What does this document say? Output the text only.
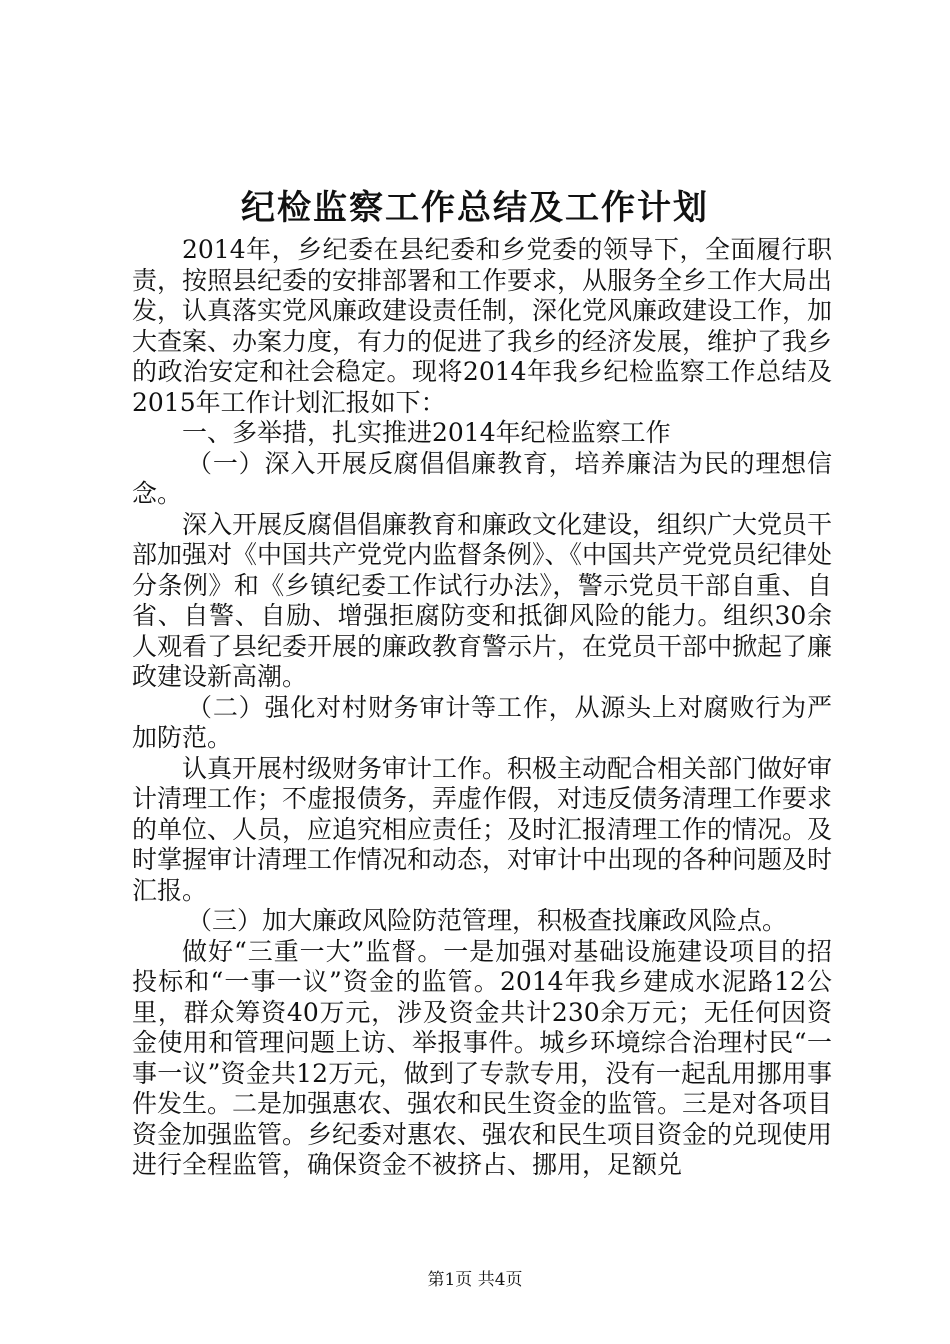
纪检监察工作总结及工作计划

2014年，乡纪委在县纪委和乡党委的领导下，全面履行职责，按照县纪委的安排部署和工作要求，从服务全乡工作大局出发，认真落实党风廉政建设责任制，深化党风廉政建设工作，加大查案、办案力度，有力的促进了我乡的经济发展，维护了我乡的政治安定和社会稳定。现将2014年我乡纪检监察工作总结及2015年工作计划汇报如下：

一、多举措，扎实推进2014年纪检监察工作

（一）深入开展反腐倡倡廉教育，培养廉洁为民的理想信念。

深入开展反腐倡倡廉教育和廉政文化建设，组织广大党员干部加强对《中国共产党党内监督条例》、《中国共产党党员纪律处分条例》和《乡镇纪委工作试行办法》，警示党员干部自重、自省、自警、自励、增强拒腐防变和抵御风险的能力。组织30余人观看了县纪委开展的廉政教育警示片，在党员干部中掀起了廉政建设新高潮。

（二）强化对村财务审计等工作，从源头上对腐败行为严加防范。

认真开展村级财务审计工作。积极主动配合相关部门做好审计清理工作；不虚报债务，弄虚作假，对违反债务清理工作要求的单位、人员，应追究相应责任；及时汇报清理工作的情况。及时掌握审计清理工作情况和动态，对审计中出现的各种问题及时汇报。

（三）加大廉政风险防范管理，积极查找廉政风险点。

做好“三重一大”监督。一是加强对基础设施建设项目的招投标和“一事一议”资金的监管。2014年我乡建成水泥路12公里，群众筹资40万元，涉及资金共计230余万元；无任何因资金使用和管理问题上访、举报事件。城乡环境综合治理村民“一事一议”资金共12万元，做到了专款专用，没有一起乱用挪用事件发生。二是加强惠农、强农和民生资金的监管。三是对各项目资金加强监管。乡纪委对惠农、强农和民生项目资金的兑现使用进行全程监管，确保资金不被挤占、挪用，足额兑

第1页 共4页
